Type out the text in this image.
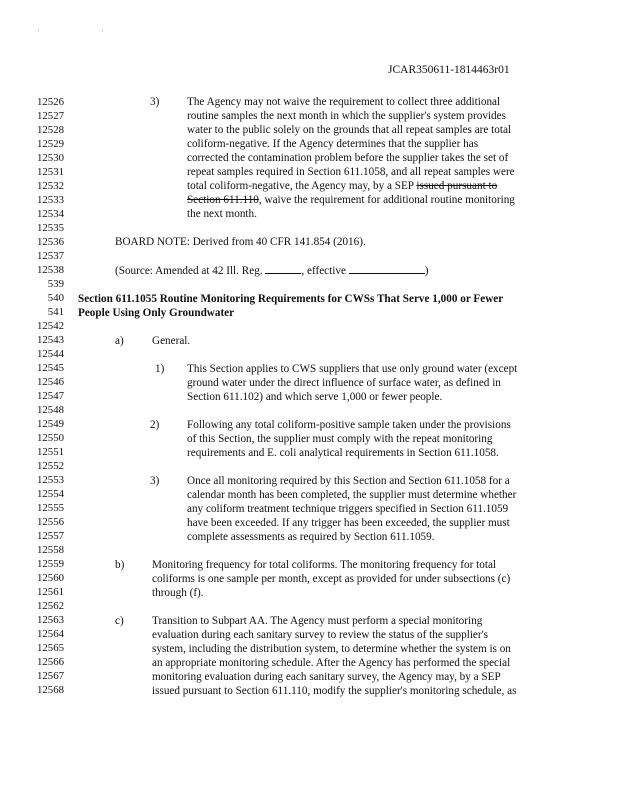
' '
JCAR350611-1814463r01
12526
12527
12528
12529
12530
12531
12532
12533
12534
12535
12536
12537
12538
539
540
541
12542
12543
12544
12545
12546
12547
12548
12549
12550
12551
12552
12553
12554
12555
12556
12557
12558
12559
12560
12561
12562
12563
12564
12565
12566
12567
12568
3) The Agency may not waive the requirement to collect three additional
routine samples the next month in which the supplier's system provides
water to the public solely on the grounds that all repeat samples are total
coliform-negative. If the Agency determines that the supplier has
corrected the contamination problem before the supplier takes the set of
repeat samples required in Section 611.1058, and all repeat samples were
total coliform-negative, the Agency may, by a SEP issued pursuant to
Section 611.110, waive the requirement for additional routine monitoring
the next month.
BOARD NOTE: Derived from 40 CFR 141.854 (2016).
(Source: Amended at 42 Ill. Reg.	, effective	)
Section 611.1055 Routine Monitoring Requirements for CWSs That Serve 1,000 or Fewer
People Using Only Groundwater
a)	General.
1) This Section applies to CWS suppliers that use only ground water (except
ground water under the direct influence of surface water, as defined in
Section 611.102) and which serve 1,000 or fewer people.
2) Following any total coliform-positive sample taken under the provisions
of this Section, the supplier must comply with the repeat monitoring
requirements and E. coli analytical requirements in Section 611.1058.
3) Once all monitoring required by this Section and Section 611.1058 for a
calendar month has been completed, the supplier must determine whether
any coliform treatment technique triggers specified in Section 611.1059
have been exceeded. If any trigger has been exceeded, the supplier must
complete assessments as required by Section 611.1059.
b) Monitoring frequency for total coliforms. The monitoring frequency for total
coliforms is one sample per month, except as provided for under subsections (c)
through (f).
c)	Transition to Subpart AA. The Agency must perform a special monitoring
evaluation during each sanitary survey to review the status of the supplier's
system, including the distribution system, to determine whether the system is on
an appropriate monitoring schedule. After the Agency has performed the special
monitoring evaluation during each sanitary survey, the Agency may, by a SEP
issued pursuant to Section 611.110, modify the supplier's monitoring schedule, as
